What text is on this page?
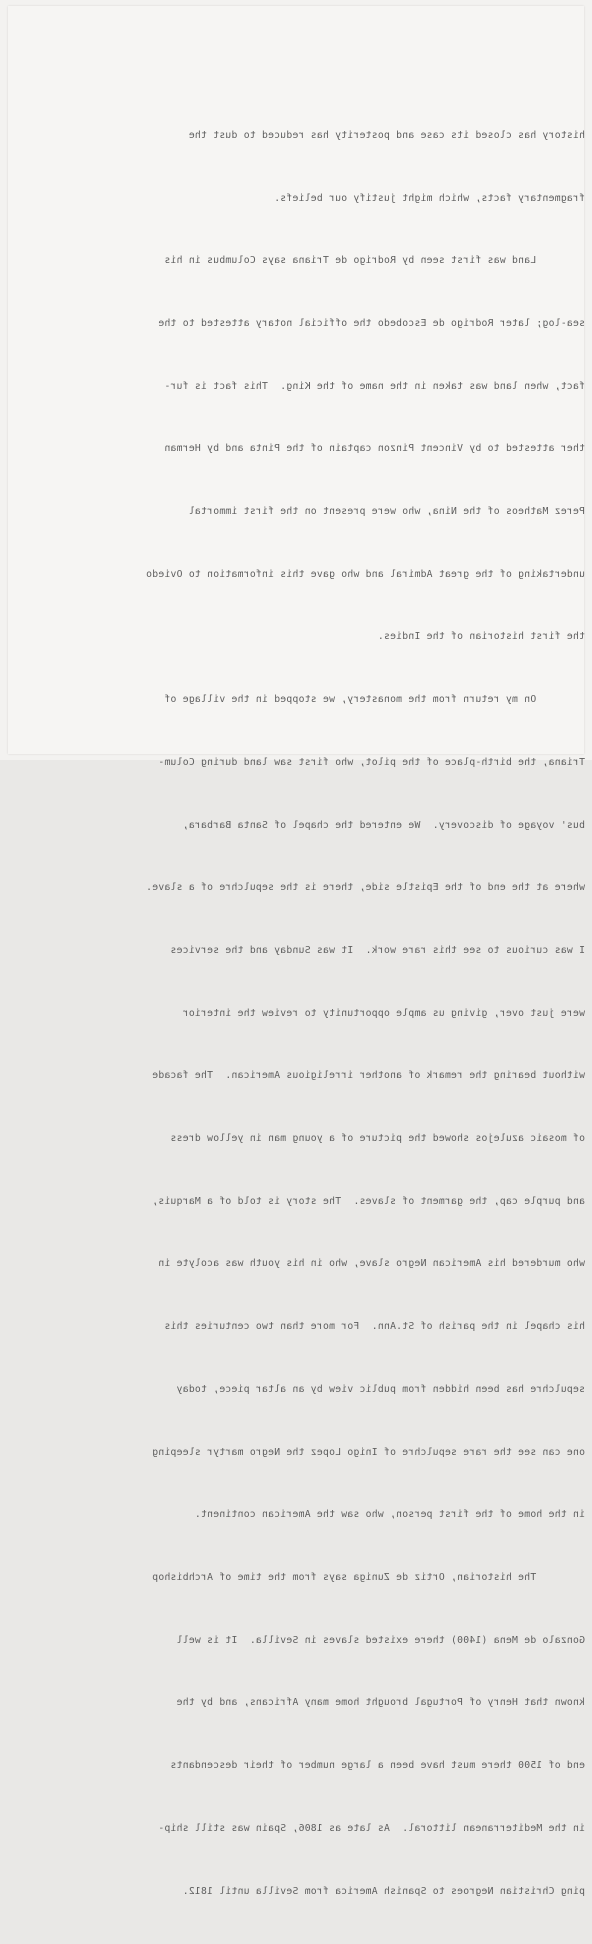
history has closed its case and posterity has reduced to dust the

fragmentary facts, which might justify our beliefs.

Land was first seen by Rodrigo de Triana says Columbus in his

sea-log; later Rodrigo de Escobedo the official notary attested to the

fact, when land was taken in the name of the King.  This fact is fur-

ther attested to by Vincent Pinzon captain of the Pinta and by Herman

Perez Matheos of the Nina, who were present on the first immortal

undertaking of the great Admiral and who gave this information to Oviedo

the first historian of the Indies.

On my return from the monastery, we stopped in the village of

Triana, the birth-place of the pilot, who first saw land during Colum-

bus' voyage of discovery.  We entered the chapel of Santa Barbara,

where at the end of the Epistle side, there is the sepulchre of a slave.

I was curious to see this rare work.  It was Sunday and the services

were just over, giving us ample opportunity to review the interior

without bearing the remark of another irreligious American.  The facade

of mosaic azulejos showed the picture of a young man in yellow dress

and purple cap, the garment of slaves.  The story is told of a Marquis,

who murdered his American Negro slave, who in his youth was acolyte in

his chapel in the parish of St.Ann.  For more than two centuries this

sepulchre has been hidden from public view by an altar piece, today

one can see the rare sepulchre of Inigo Lopez the Negro martyr sleeping

in the home of the first person, who saw the American continent.

The historian, Ortiz de Zuniga says from the time of Archbishop

Gonzalo de Mena (1400) there existed slaves in Sevilla.  It is well

known that Henry of Portugal brought home many Africans, and by the

end of 1500 there must have been a large number of their descendants

in the Mediterranean littoral.  As late as 1806, Spain was still ship-

ping Christian Negroes to Spanish America from Sevilla until 1812.
